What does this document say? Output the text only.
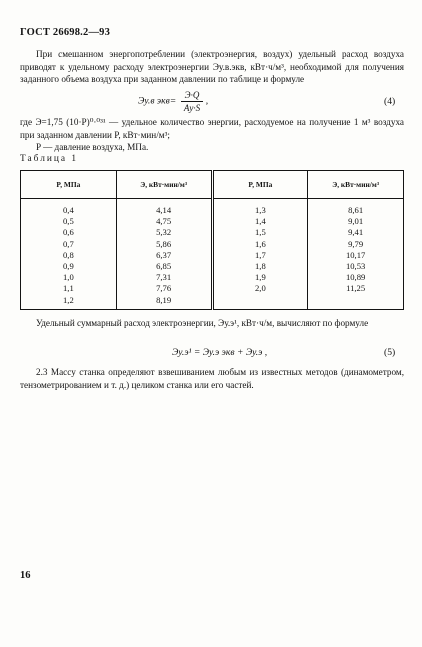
ГОСТ 26698.2—93
При смешанном энергопотреблении (электроэнергия, воздух) удельный расход воздуха приводят к удельному расходу электроэнергии Эу.в.экв, кВт·ч/м³, необходимой для получения заданного объема воздуха при заданном давлении по таблице и формуле
Эу.в $экв= \frac{Э\cdot Q}{Aу\cdot S}$ ,	(4)
где Э=1,75 (10·P)⁰·⁰³¹ — удельное количество энергии, расходуемое на получение 1 м³ воздуха при заданном давлении P, кВт·мин/м³;
P — давление воздуха, МПа.
Таблица 1
P, МПа	Э, кВт·мин/м³	P, МПа	Э, кВт·мин/м³
0,4	4,14	1,3	8,61
0,5	4,75	1,4	9,01
0,6	5,32	1,5	9,41
0,7	5,86	1,6	9,79
0,8	6,37	1,7	10,17
0,9	6,85	1,8	10,53
1,0	7,31	1,9	10,89
1,1	7,76	2,0	11,25
1,2	8,19		
Удельный суммарный расход электроэнергии, Эу.э¹, кВт·ч/м, вычисляют по формуле
Эу.э¹ = Эу.э экв + Эу.э ,	(5)
2.3 Массу станка определяют взвешиванием любым из известных методов (динамометром, тензометрированием и т. д.) целиком станка или его частей.
16
